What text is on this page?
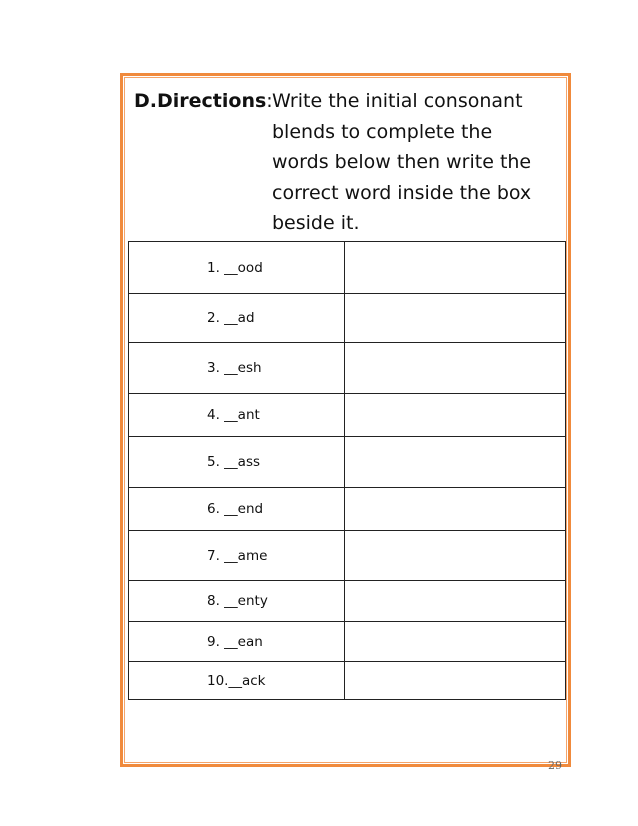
D.Directions: Write the initial consonant
blends to complete the
words below then write the
correct word inside the box
beside it.
1. __ood	
2. __ad	
3. __esh	
4. __ant	
5. __ass	
6. __end	
7. __ame	
8. __enty	
9. __ean	
10.__ack	
29
